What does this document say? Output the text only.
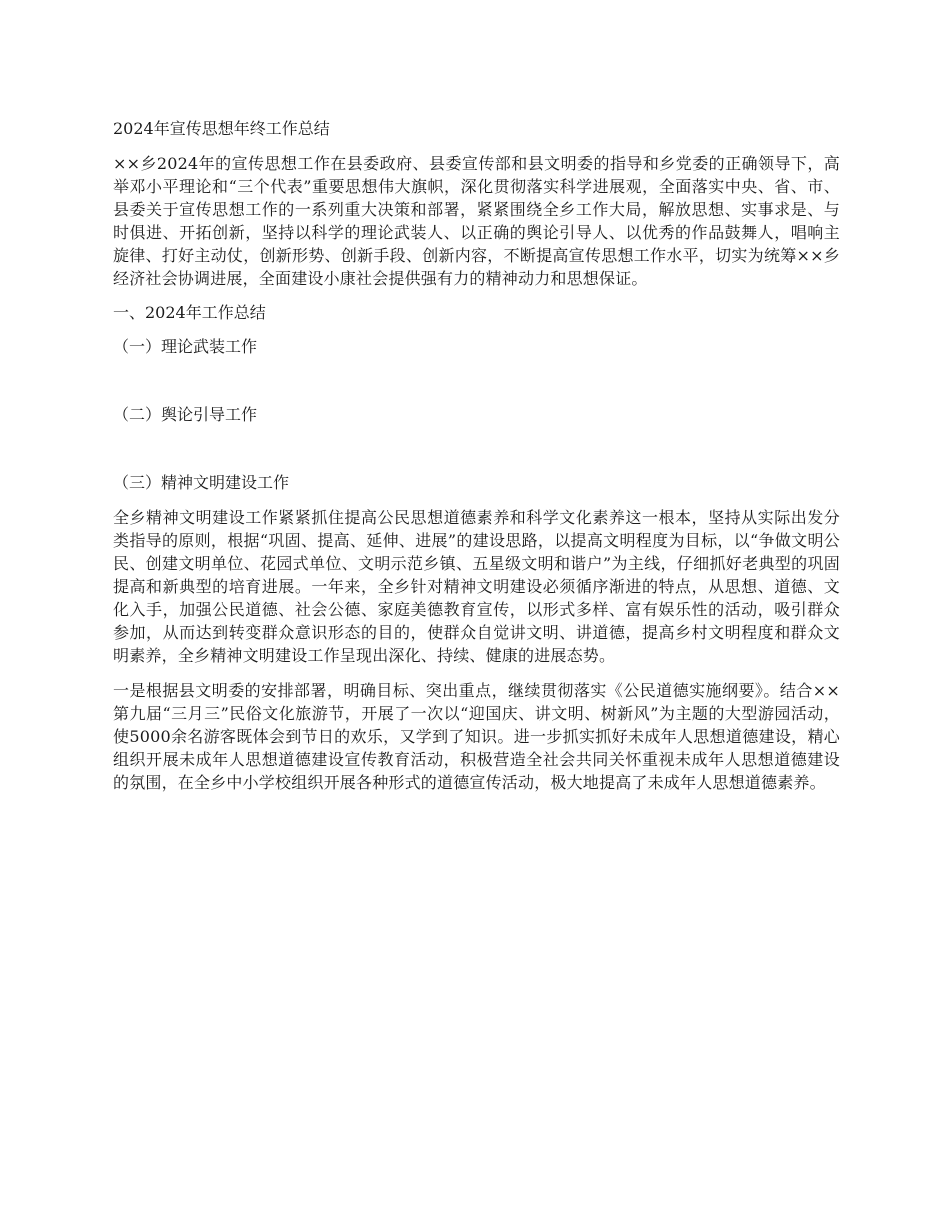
2024年宣传思想年终工作总结

××乡2024年的宣传思想工作在县委政府、县委宣传部和县文明委的指导和乡党委的正确领导下，高举邓小平理论和“三个代表”重要思想伟大旗帜，深化贯彻落实科学进展观，全面落实中央、省、市、县委关于宣传思想工作的一系列重大决策和部署，紧紧围绕全乡工作大局，解放思想、实事求是、与时俱进、开拓创新，坚持以科学的理论武装人、以正确的舆论引导人、以优秀的作品鼓舞人，唱响主旋律、打好主动仗，创新形势、创新手段、创新内容，不断提高宣传思想工作水平，切实为统筹××乡经济社会协调进展，全面建设小康社会提供强有力的精神动力和思想保证。

一、2024年工作总结
（一）理论武装工作
（二）舆论引导工作
（三）精神文明建设工作

全乡精神文明建设工作紧紧抓住提高公民思想道德素养和科学文化素养这一根本，坚持从实际出发分类指导的原则，根据“巩固、提高、延伸、进展”的建设思路，以提高文明程度为目标，以“争做文明公民、创建文明单位、花园式单位、文明示范乡镇、五星级文明和谐户”为主线，仔细抓好老典型的巩固提高和新典型的培育进展。一年来，全乡针对精神文明建设必须循序渐进的特点，从思想、道德、文化入手，加强公民道德、社会公德、家庭美德教育宣传，以形式多样、富有娱乐性的活动，吸引群众参加，从而达到转变群众意识形态的目的，使群众自觉讲文明、讲道德，提高乡村文明程度和群众文明素养，全乡精神文明建设工作呈现出深化、持续、健康的进展态势。

一是根据县文明委的安排部署，明确目标、突出重点，继续贯彻落实《公民道德实施纲要》。结合××第九届“三月三”民俗文化旅游节，开展了一次以“迎国庆、讲文明、树新风”为主题的大型游园活动，使5000余名游客既体会到节日的欢乐，又学到了知识。进一步抓实抓好未成年人思想道德建设，精心组织开展未成年人思想道德建设宣传教育活动，积极营造全社会共同关怀重视未成年人思想道德建设的氛围，在全乡中小学校组织开展各种形式的道德宣传活动，极大地提高了未成年人思想道德素养。
